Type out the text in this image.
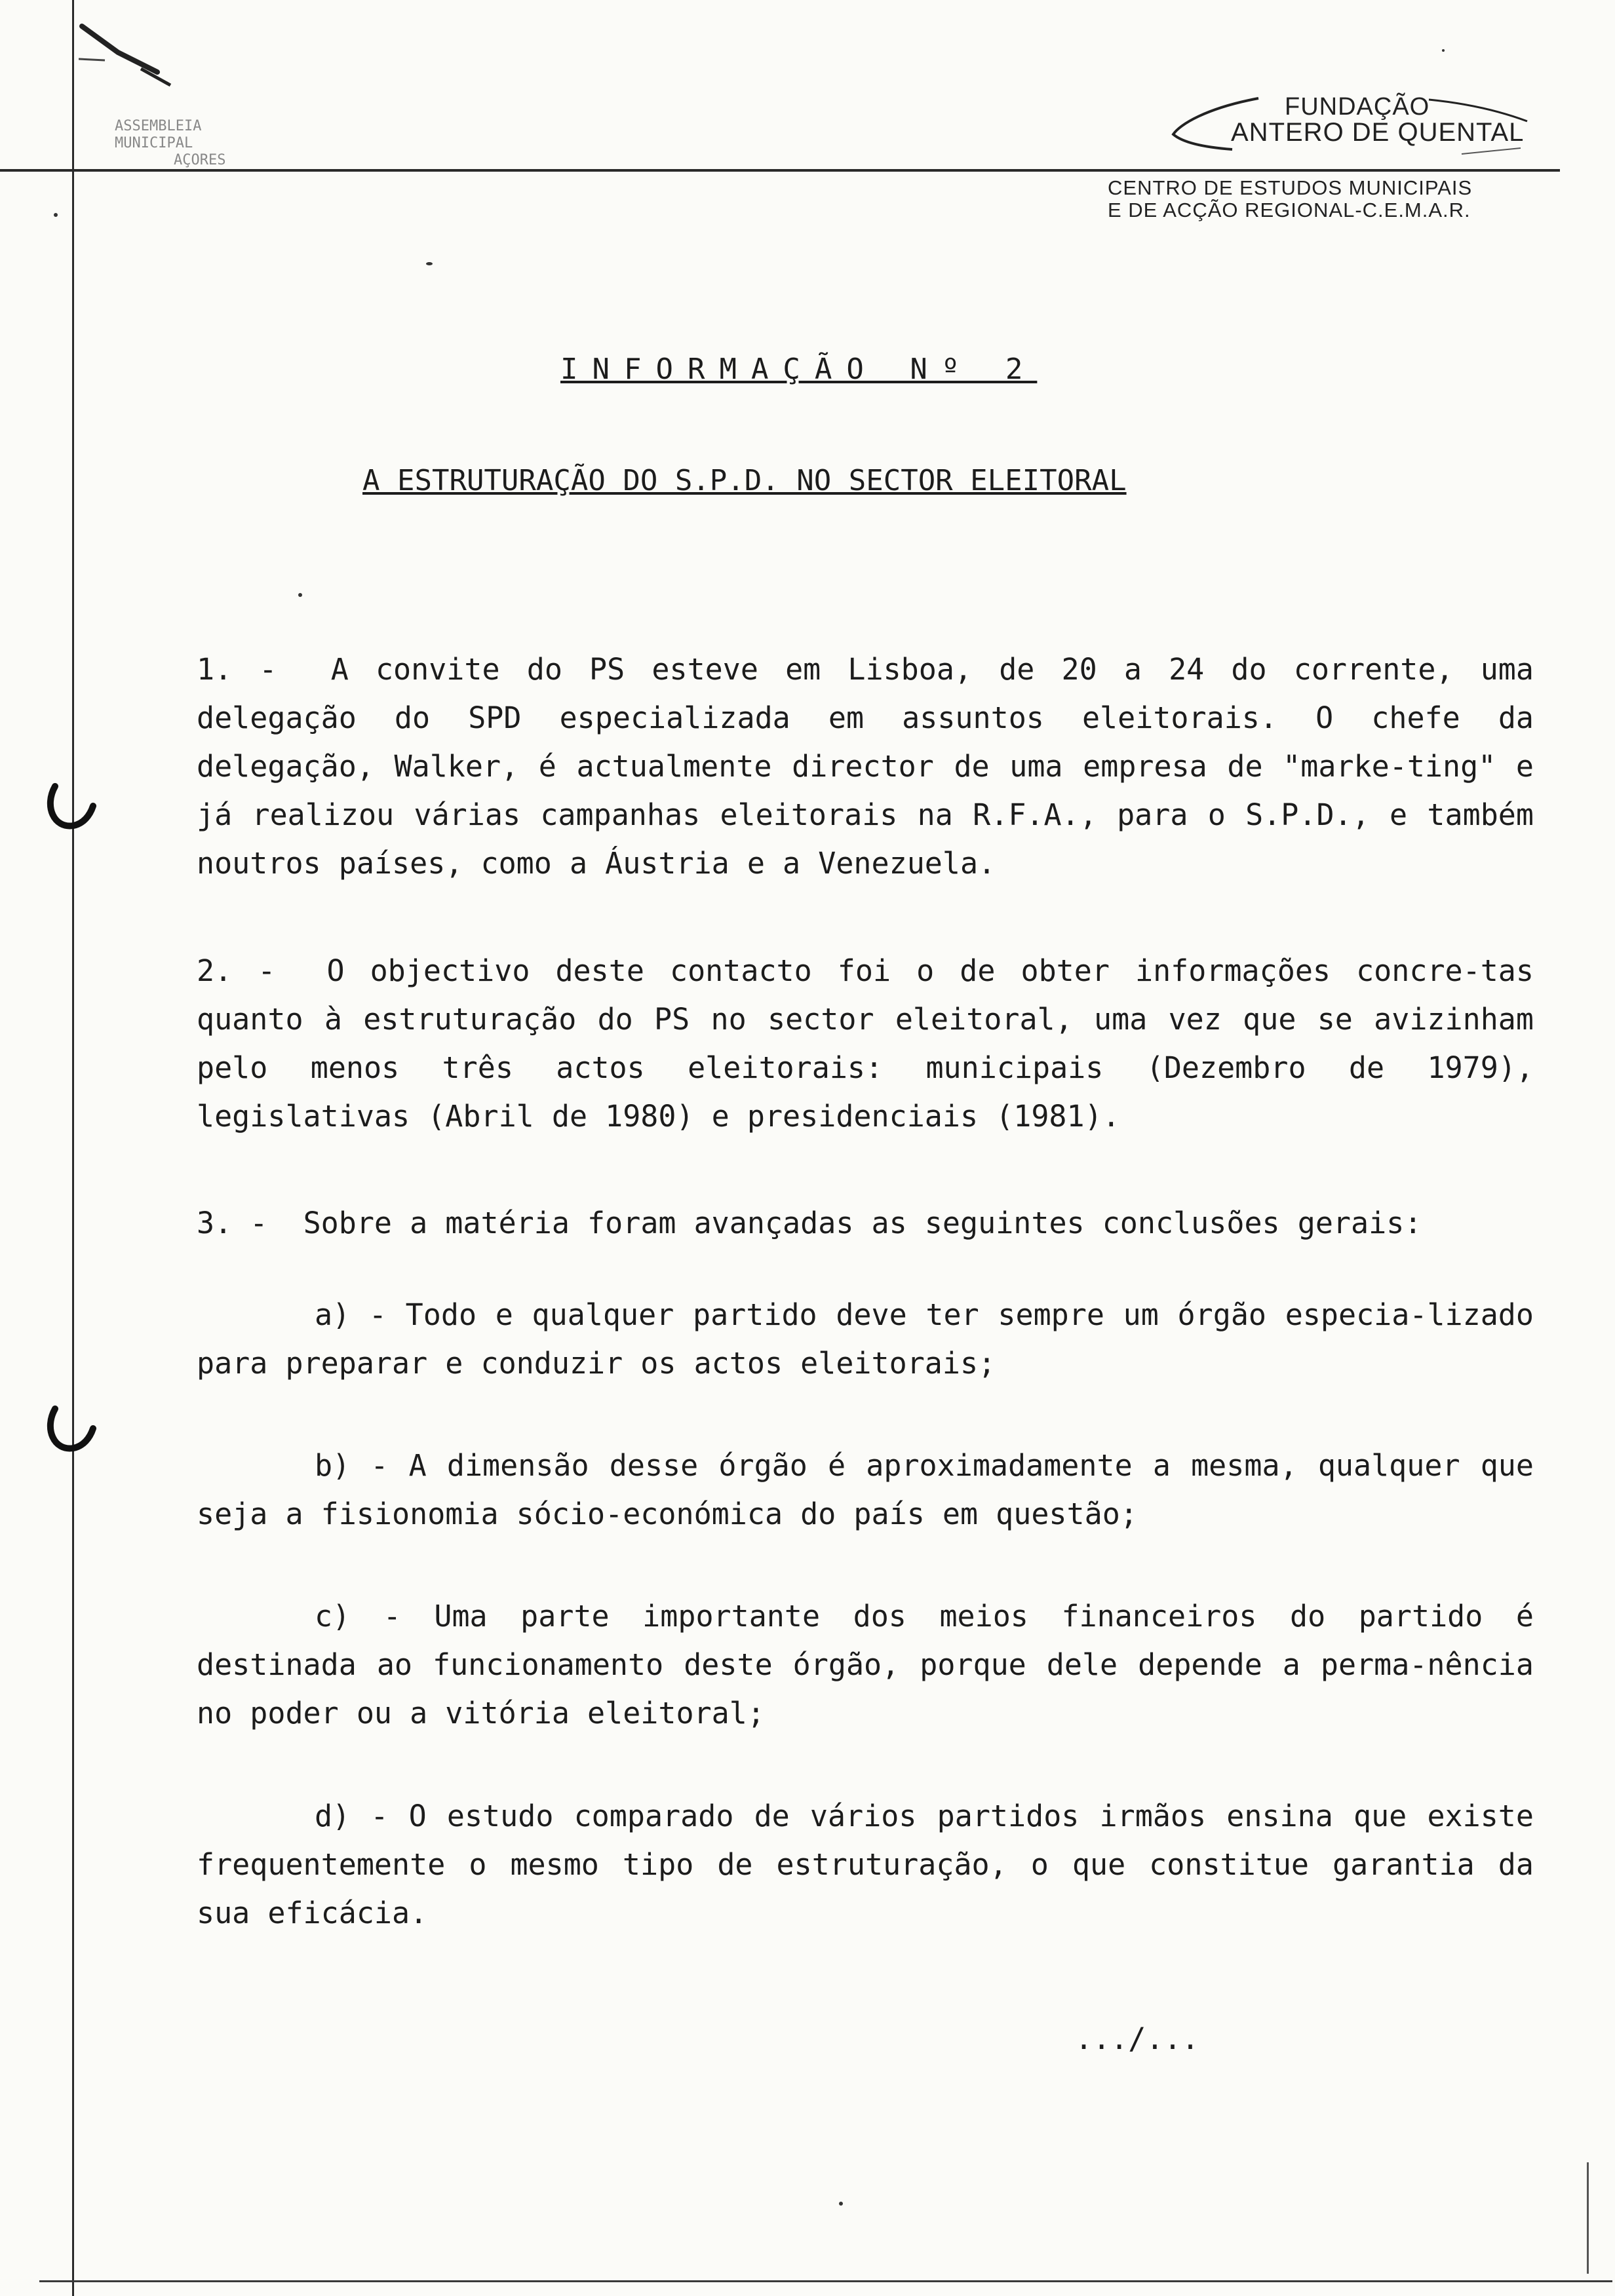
ASSEMBLEIA MUNICIPAL
AÇORES
FUNDAÇÃO
ANTERO DE QUENTAL
CENTRO DE ESTUDOS MUNICIPAIS
E DE ACÇÃO REGIONAL-C.E.M.A.R.
INFORMAÇÃO Nº 2
A ESTRUTURAÇÃO DO S.P.D. NO SECTOR ELEITORAL

1. -  A convite do PS esteve em Lisboa, de 20 a 24 do corrente, uma delegação do SPD especializada em assuntos eleitorais. O chefe da delegação, Walker, é actualmente director de uma empresa de "marke-ting" e já realizou várias campanhas eleitorais na R.F.A., para o S.P.D., e também noutros países, como a Áustria e a Venezuela.

2. -  O objectivo deste contacto foi o de obter informações concre-tas quanto à estruturação do PS no sector eleitoral, uma vez que se avizinham pelo menos três actos eleitorais: municipais (Dezembro de 1979), legislativas (Abril de 1980) e presidenciais (1981).

3. -  Sobre a matéria foram avançadas as seguintes conclusões gerais:

a) - Todo e qualquer partido deve ter sempre um órgão especia-lizado para preparar e conduzir os actos eleitorais;

b) - A dimensão desse órgão é aproximadamente a mesma, qualquer que seja a fisionomia sócio-económica do país em questão;

c) - Uma parte importante dos meios financeiros do partido é destinada ao funcionamento deste órgão, porque dele depende a perma-nência no poder ou a vitória eleitoral;

d) - O estudo comparado de vários partidos irmãos ensina que existe frequentemente o mesmo tipo de estruturação, o que constitue garantia da sua eficácia.

.../...
